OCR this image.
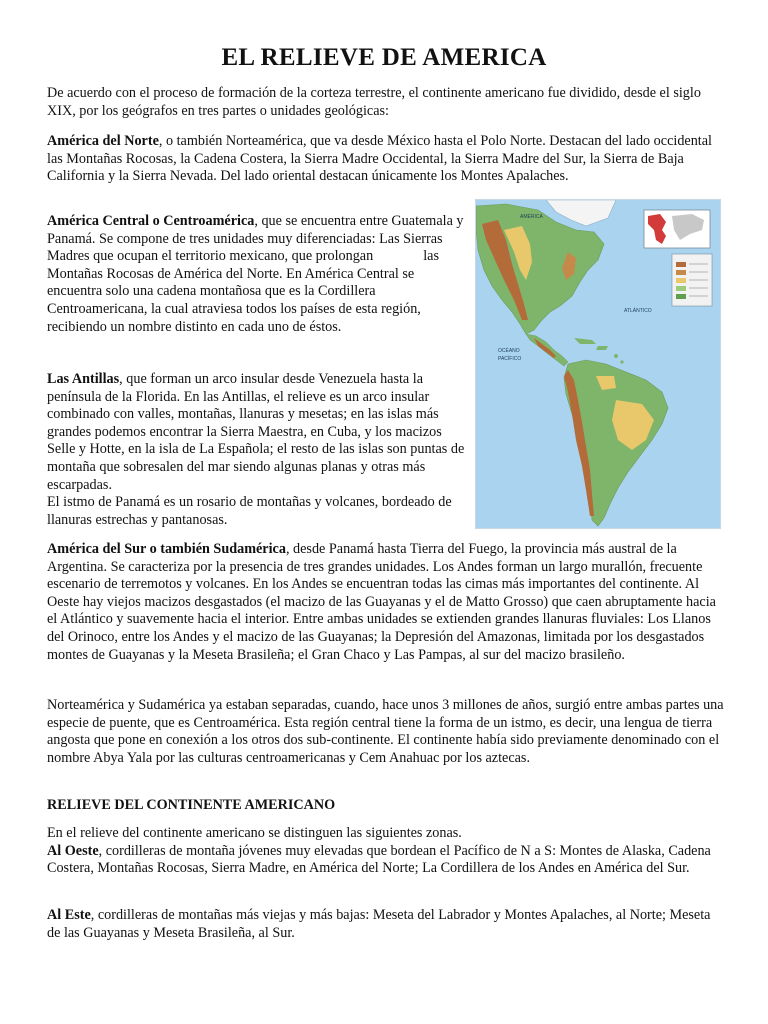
EL RELIEVE DE AMERICA

De acuerdo con el proceso de formación de la corteza terrestre, el continente americano fue dividido, desde el siglo XIX, por los geógrafos en tres partes o unidades geológicas:

América del Norte, o también Norteamérica, que va desde México hasta el Polo Norte. Destacan del lado occidental las Montañas Rocosas, la Cadena Costera, la Sierra Madre Occidental, la Sierra Madre del Sur, la Sierra de Baja California y la Sierra Nevada. Del lado oriental destacan únicamente los Montes Apalaches.

América Central o Centroamérica, que se encuentra entre Guatemala y Panamá. Se compone de tres unidades muy diferenciadas: Las Sierras Madres que ocupan el territorio mexicano, que prolongan	las Montañas Rocosas de América del Norte. En América Central se encuentra solo una cadena montañosa que es la Cordillera Centroamericana, la cual atraviesa todos los países de esta región, recibiendo un nombre distinto en cada uno de éstos.

Las Antillas, que forman un arco insular desde Venezuela hasta la península de la Florida. En las Antillas, el relieve es un arco insular combinado con valles, montañas, llanuras y mesetas; en las islas más grandes podemos encontrar la Sierra Maestra, en Cuba, y los macizos Selle y Hotte, en la isla de La Española; el resto de las islas son puntas de montaña que sobresalen del mar siendo algunas planas y otras más escarpadas.
El istmo de Panamá es un rosario de montañas y volcanes, bordeado de llanuras estrechas y pantanosas.

AMÉRICA
ATLÁNTICO
OCÉANO
PACÍFICO

América del Sur o también Sudamérica, desde Panamá hasta Tierra del Fuego, la provincia más austral de la Argentina. Se caracteriza por la presencia de tres grandes unidades. Los Andes forman un largo murallón, frecuente escenario de terremotos y volcanes. En los Andes se encuentran todas las cimas más importantes del continente. Al Oeste hay viejos macizos desgastados (el macizo de las Guayanas y el de Matto Grosso) que caen abruptamente hacia el Atlántico y suavemente hacia el interior. Entre ambas unidades se extienden grandes llanuras fluviales: Los Llanos del Orinoco, entre los Andes y el macizo de las Guayanas; la Depresión del Amazonas, limitada por los desgastados montes de Guayanas y la Meseta Brasileña; el Gran Chaco y Las Pampas, al sur del macizo brasileño.

Norteamérica y Sudamérica ya estaban separadas, cuando, hace unos 3 millones de años, surgió entre ambas partes una especie de puente, que es Centroamérica. Esta región central tiene la forma de un istmo, es decir, una lengua de tierra angosta que pone en conexión a los otros dos sub-continente. El continente había sido previamente denominado con el nombre Abya Yala por las culturas centroamericanas y Cem Anahuac por los aztecas.

RELIEVE DEL CONTINENTE AMERICANO

En el relieve del continente americano se distinguen las siguientes zonas.
Al Oeste, cordilleras de montaña jóvenes muy elevadas que bordean el Pacífico de N a S: Montes de Alaska, Cadena Costera, Montañas Rocosas, Sierra Madre, en América del Norte; La Cordillera de los Andes en América del Sur.

Al Este, cordilleras de montañas más viejas y más bajas: Meseta del Labrador y Montes Apalaches, al Norte; Meseta de las Guayanas y Meseta Brasileña, al Sur.
